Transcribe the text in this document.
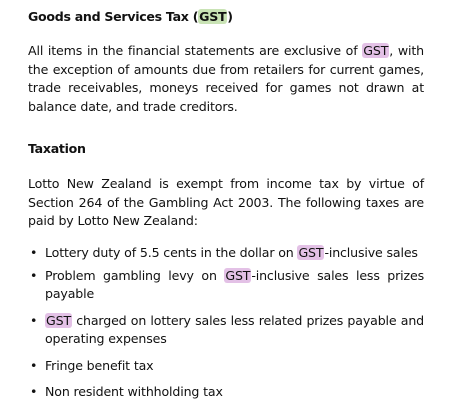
Goods and Services Tax (GST)
All items in the financial statements are exclusive of GST, with the exception of amounts due from retailers for current games, trade receivables, moneys received for games not drawn at balance date, and trade creditors.
Taxation
Lotto New Zealand is exempt from income tax by virtue of Section 264 of the Gambling Act 2003. The following taxes are paid by Lotto New Zealand:
• Lottery duty of 5.5 cents in the dollar on GST-inclusive sales
• Problem gambling levy on GST-inclusive sales less prizes payable
• GST charged on lottery sales less related prizes payable and operating expenses
• Fringe benefit tax
• Non resident withholding tax
